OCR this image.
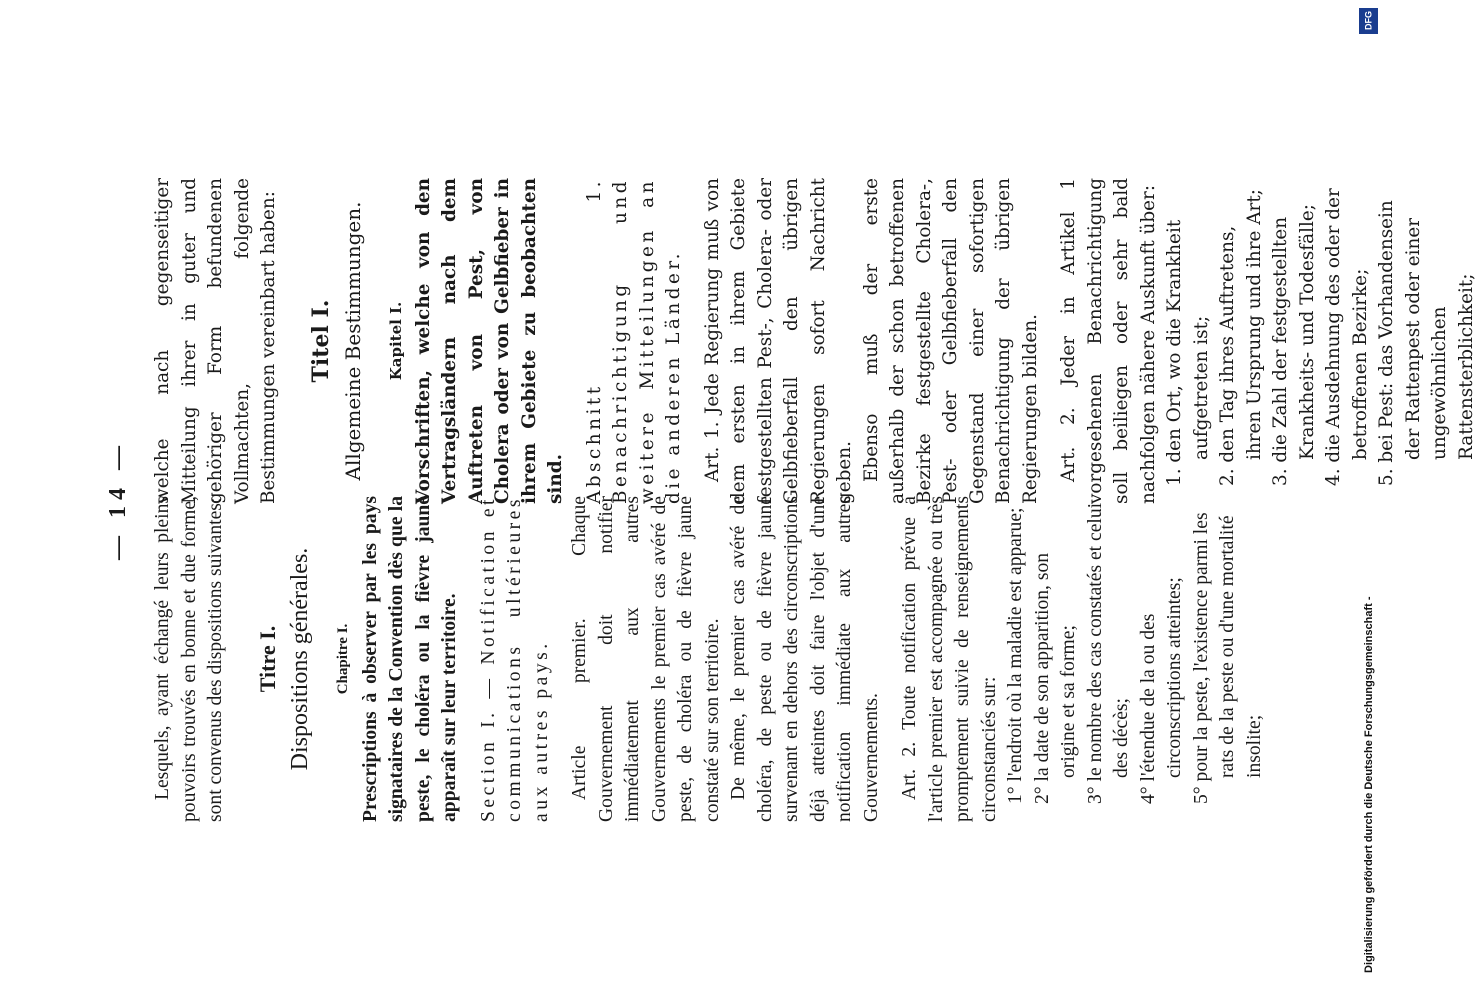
— 14 — Lesquels, ayant échangé leurs pleins pouvoirs trouvés en bonne et due forme, sont convenus des dispositions suivantes: Titre I. Dispositions générales.	Chapitre I. Prescriptions à observer par les pays signataires de la Convention dès que la peste, le choléra ou la fièvre jaune apparaît sur leur territoire. Section I. — Notification et communications ultérieures aux autres pays. Article premier. Chaque Gouvernement doit notifier immédiatement aux autres Gouvernements le premier cas avéré de peste, de choléra ou de fièvre jaune constaté sur son territoire. De même, le premier cas avéré de choléra, de peste ou de fièvre jaune survenant en dehors des circonscriptions déjà atteintes doit faire l'objet d'une notification immédiate aux autres Gouvernements. Art. 2. Toute notification prévue à l'article premier est accompagnée ou très promptement suivie de renseignements circonstanciés sur: 1° l'endroit où la maladie est apparue; 2° la date de son apparition, son origine et sa forme; 3° le nombre des cas constatés et celui des décès; 4° l'étendue de la ou des circonscriptions atteintes; 5° pour la peste, l'existence parmi les rats de la peste ou d'une mortalité insolite;

welche nach gegenseitiger Mitteilung ihrer in guter und gehöriger Form befundenen Vollmachten, folgende Bestimmungen vereinbart haben: Titel I. Allgemeine Bestimmungen.	Kapitel I. Vorschriften, welche von den Vertragsländern nach dem Auftreten von Pest, von Cholera oder von Gelbfieber in ihrem Gebiete zu beobachten sind. Abschnitt 1. Benachrichtigung und weitere Mitteilungen an die anderen Länder. Art. 1. Jede Regierung muß von dem ersten in ihrem Gebiete festgestellten Pest-, Cholera- oder Gelbfieberfall den übrigen Regierungen sofort Nachricht geben. Ebenso muß der erste außerhalb der schon betroffenen Bezirke festgestellte Cholera-, Pest- oder Gelbfieberfall den Gegenstand einer sofortigen Benachrichtigung der übrigen Regierungen bilden. Art. 2. Jeder in Artikel 1 vorgesehenen Benachrichtigung soll beiliegen oder sehr bald nachfolgen nähere Auskunft über: 1. den Ort, wo die Krankheit aufgetreten ist; 2. den Tag ihres Auftretens, ihren Ursprung und ihre Art; 3. die Zahl der festgestellten Krankheits- und Todesfälle; 4. die Ausdehnung des oder der betroffenen Bezirke; 5. bei Pest: das Vorhandensein der Rattenpest oder einer ungewöhnlichen Rattensterblichkeit;

DFG
Digitalisierung gefördert durch die Deutsche Forschungsgemeinschaft -
